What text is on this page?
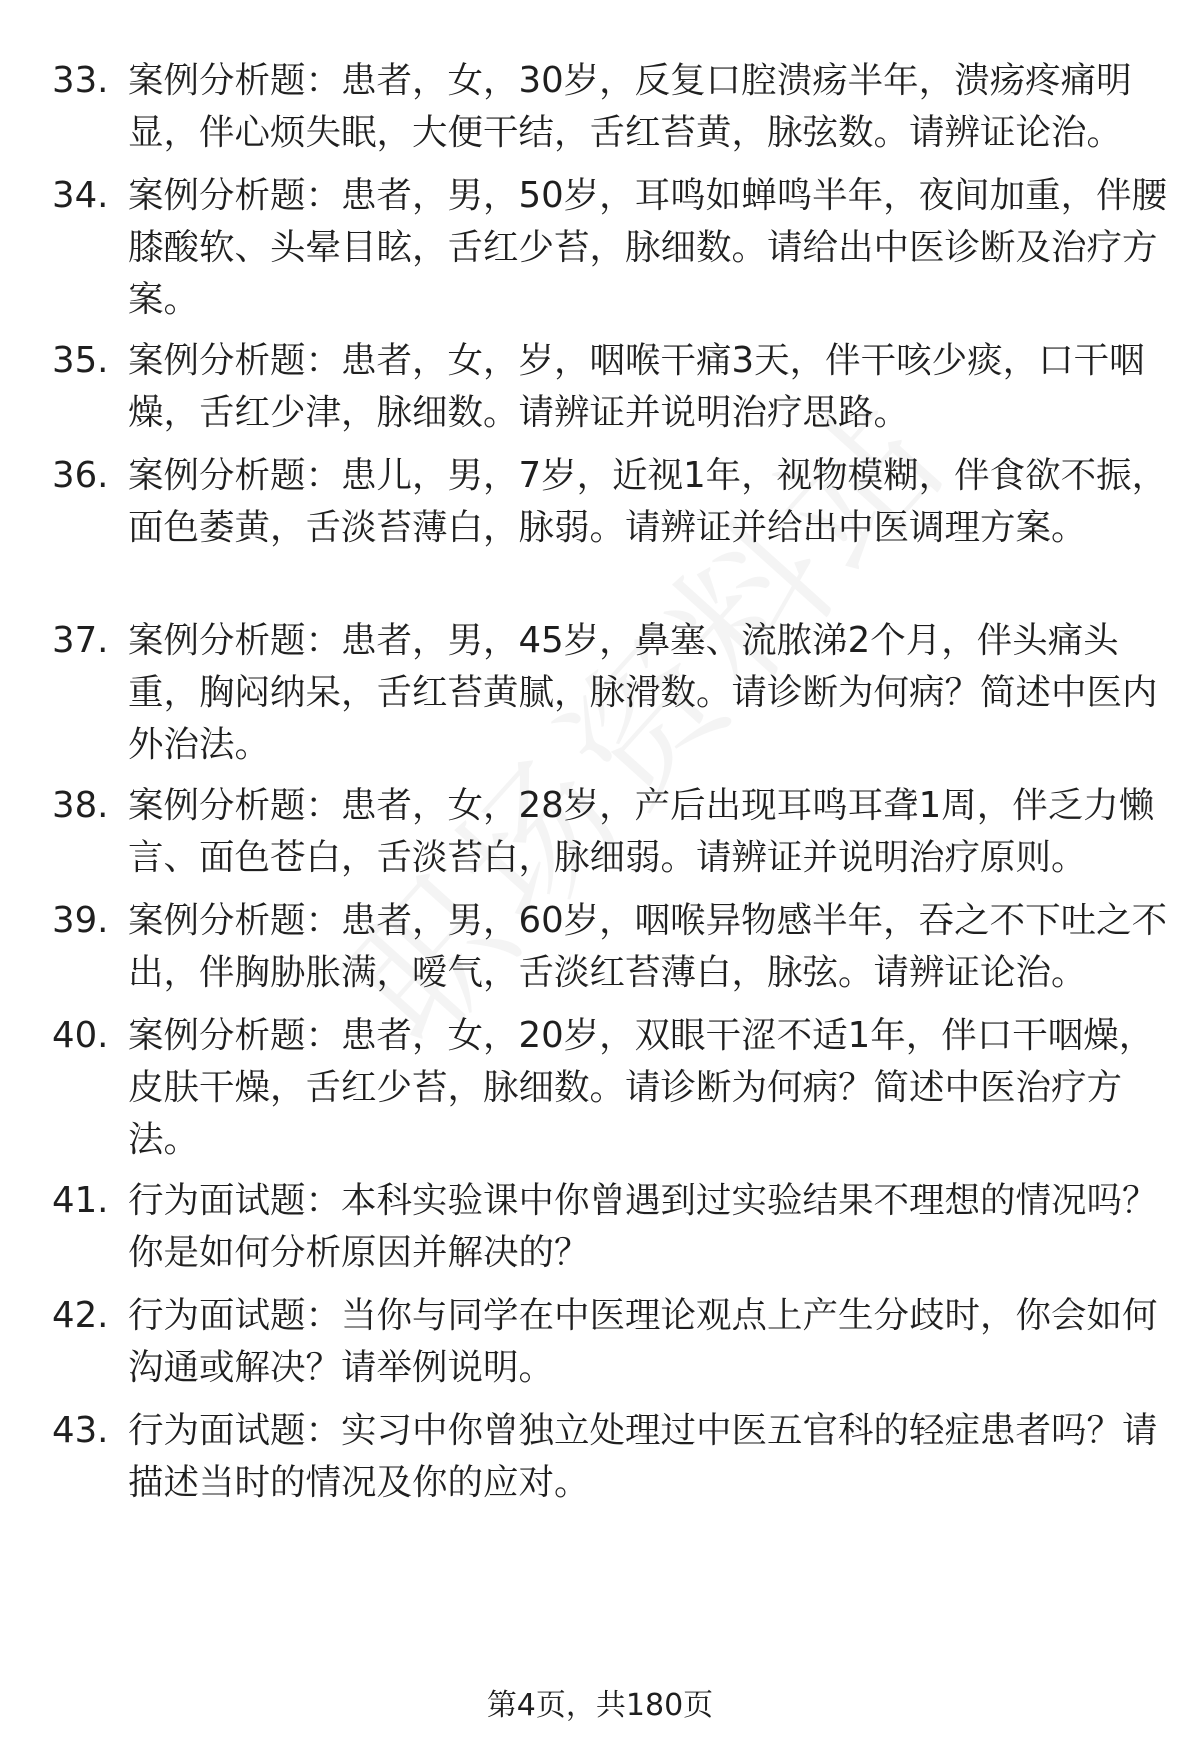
33. 案例分析题：患者，女，30岁，反复口腔溃疡半年，溃疡疼痛明显，伴心烦失眠，大便干结，舌红苔黄，脉弦数。请辨证论治。
34. 案例分析题：患者，男，50岁，耳鸣如蝉鸣半年，夜间加重，伴腰膝酸软、头晕目眩，舌红少苔，脉细数。请给出中医诊断及治疗方案。
35. 案例分析题：患者，女，岁，咽喉干痛3天，伴干咳少痰，口干咽燥，舌红少津，脉细数。请辨证并说明治疗思路。
36. 案例分析题：患儿，男，7岁，近视1年，视物模糊，伴食欲不振，面色萎黄，舌淡苔薄白，脉弱。请辨证并给出中医调理方案。
37. 案例分析题：患者，男，45岁，鼻塞、流脓涕2个月，伴头痛头重，胸闷纳呆，舌红苔黄腻，脉滑数。请诊断为何病？简述中医内外治法。
38. 案例分析题：患者，女，28岁，产后出现耳鸣耳聋1周，伴乏力懒言、面色苍白，舌淡苔白，脉细弱。请辨证并说明治疗原则。
39. 案例分析题：患者，男，60岁，咽喉异物感半年，吞之不下吐之不出，伴胸胁胀满，嗳气，舌淡红苔薄白，脉弦。请辨证论治。
40. 案例分析题：患者，女，20岁，双眼干涩不适1年，伴口干咽燥，皮肤干燥，舌红少苔，脉细数。请诊断为何病？简述中医治疗方法。
41. 行为面试题：本科实验课中你曾遇到过实验结果不理想的情况吗？你是如何分析原因并解决的？
42. 行为面试题：当你与同学在中医理论观点上产生分歧时，你会如何沟通或解决？请举例说明。
43. 行为面试题：实习中你曾独立处理过中医五官科的轻症患者吗？请描述当时的情况及你的应对。
第4页，共180页
